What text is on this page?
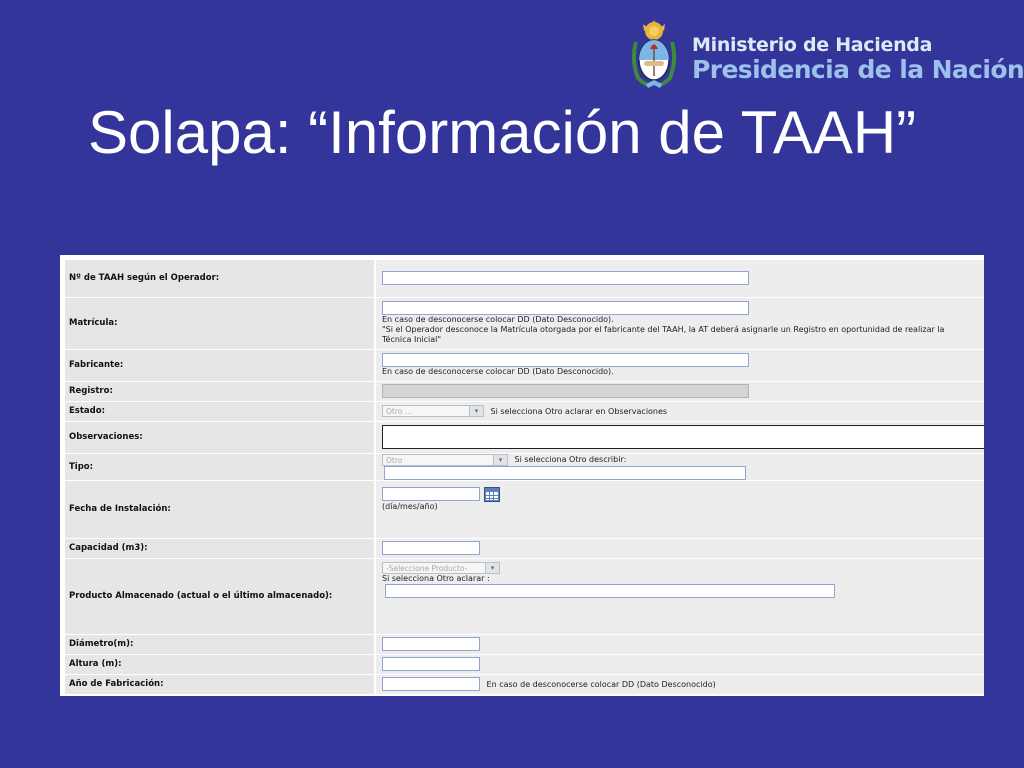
Ministerio de Hacienda
Presidencia de la Nación
Solapa: “Información de TAAH”
Nº de TAAH según el Operador:	
Matrícula:	En caso de desconocerse colocar DD (Dato Desconocido).
"Si el Operador desconoce la Matrícula otorgada por el fabricante del TAAH, la AT deberá asignarle un Registro en oportunidad de realizar la
Técnica Inicial"

Fabricante:	En caso de desconocerse colocar DD (Dato Desconocido).

Registro:	
Estado:	Otro ... ▾ Si selecciona Otro aclarar en Observaciones
Observaciones:	
Tipo:	Otro ▾ Si selecciona Otro describir:
Fecha de Instalación:	(día/mes/año)

Capacidad (m3):	
Producto Almacenado (actual o el último almacenado):	-Seleccione Producto- ▾
Si selecciona Otro aclarar :

Diámetro(m):	
Altura (m):	
Año de Fabricación:	En caso de desconocerse colocar DD (Dato Desconocido)
